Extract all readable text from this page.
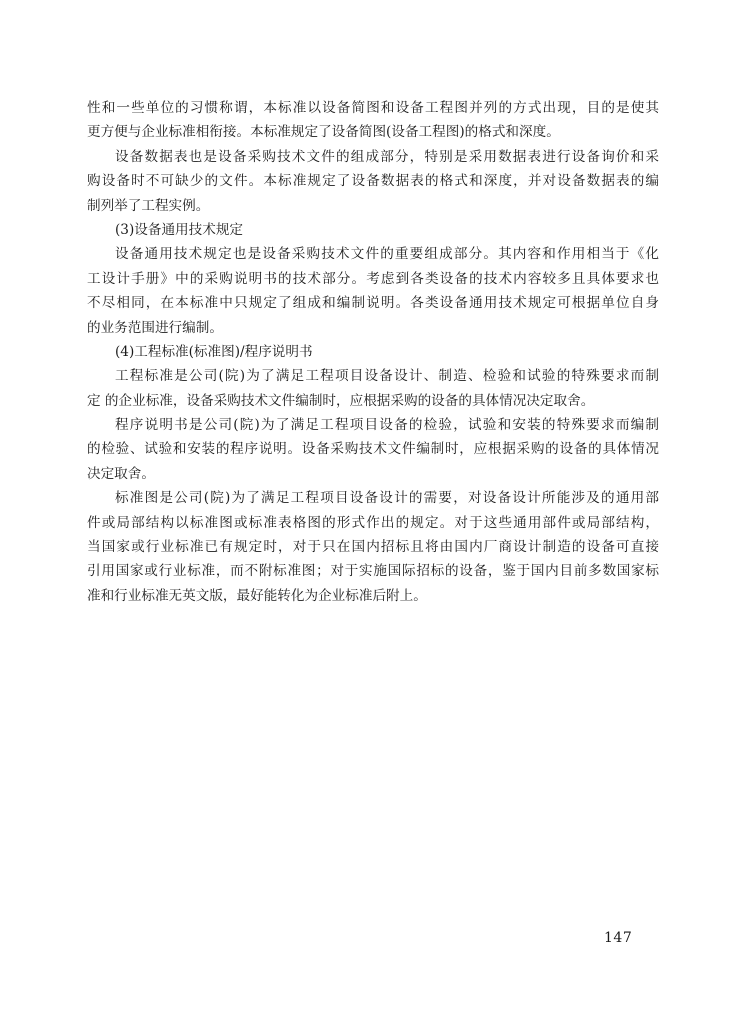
性和一些单位的习惯称谓，本标准以设备简图和设备工程图并列的方式出现，目的是使其
更方便与企业标准相衔接。本标准规定了设备简图(设备工程图)的格式和深度。
设备数据表也是设备采购技术文件的组成部分，特别是采用数据表进行设备询价和采
购设备时不可缺少的文件。本标准规定了设备数据表的格式和深度，并对设备数据表的编
制列举了工程实例。
(3)设备通用技术规定
设备通用技术规定也是设备采购技术文件的重要组成部分。其内容和作用相当于《化
工设计手册》中的采购说明书的技术部分。考虑到各类设备的技术内容较多且具体要求也
不尽相同，在本标准中只规定了组成和编制说明。各类设备通用技术规定可根据单位自身
的业务范围进行编制。
(4)工程标准(标准图)/程序说明书
工程标准是公司(院)为了满足工程项目设备设计、制造、检验和试验的特殊要求而制
定 的企业标准，设备采购技术文件编制时，应根据采购的设备的具体情况决定取舍。
程序说明书是公司(院)为了满足工程项目设备的检验，试验和安装的特殊要求而编制
的检验、试验和安装的程序说明。设备采购技术文件编制时，应根据采购的设备的具体情况
决定取舍。
标准图是公司(院)为了满足工程项目设备设计的需要，对设备设计所能涉及的通用部
件或局部结构以标准图或标准表格图的形式作出的规定。对于这些通用部件或局部结构，
当国家或行业标准已有规定时，对于只在国内招标且将由国内厂商设计制造的设备可直接
引用国家或行业标准，而不附标准图；对于实施国际招标的设备，鉴于国内目前多数国家标
准和行业标准无英文版，最好能转化为企业标准后附上。
147
